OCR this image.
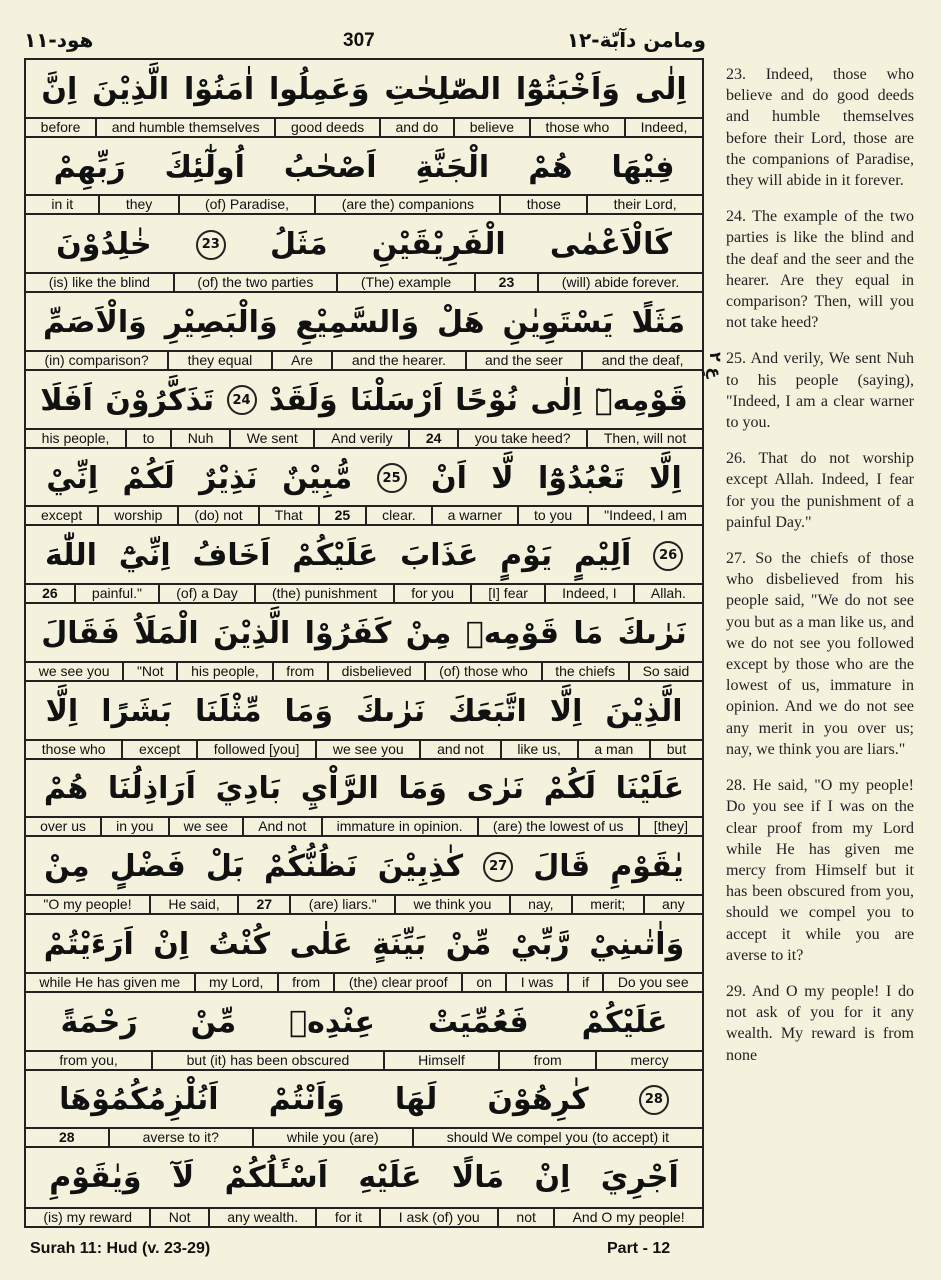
هود-١١	307	ومامن دآبّة-١٢
اِنَّ الَّذِيْنَ اٰمَنُوْا وَعَمِلُوا الصّٰلِحٰتِ وَاَخْبَتُوْٓا اِلٰى
before	and humble themselves	good deeds	and do	believe	those who	Indeed,
رَبِّهِمْ اُولٰٓئِكَ اَصْحٰبُ الْجَنَّةِ هُمْ فِيْهَا
in it	they	(of) Paradise,	(are the) companions	those	their Lord,
خٰلِدُوْنَ	23 مَثَلُ الْفَرِيْقَيْنِ كَالْاَعْمٰى
(is) like the blind	(of) the two parties	(The) example	23	(will) abide forever.
وَالْاَصَمِّ وَالْبَصِيْرِ وَالسَّمِيْعِ هَلْ يَسْتَوِيٰنِ مَثَلًا
(in) comparison?	they equal	Are	and the hearer.	and the seer	and the deaf,
اَفَلَا تَذَكَّرُوْنَ	24 وَلَقَدْ اَرْسَلْنَا نُوْحًا اِلٰى قَوْمِهٖٓ
his people,	to	Nuh	We sent	And verily	24	you take heed?	Then, will not
اِنِّيْ لَكُمْ نَذِيْرٌ مُّبِيْنٌ	25 اَنْ لَّا تَعْبُدُوْٓا اِلَّا
except	worship	(do) not	That	25	clear.	a warner	to you	"Indeed, I am
اللّٰهَ اِنِّيْٓ اَخَافُ عَلَيْكُمْ عَذَابَ يَوْمٍ اَلِيْمٍ	26
26	painful."	(of) a Day	(the) punishment	for you	[I] fear	Indeed, I	Allah.
فَقَالَ الْمَلَاُ الَّذِيْنَ كَفَرُوْا مِنْ قَوْمِهٖ مَا نَرٰىكَ
we see you	"Not	his people,	from	disbelieved	(of) those who	the chiefs	So said
اِلَّا بَشَرًا مِّثْلَنَا وَمَا نَرٰىكَ اتَّبَعَكَ اِلَّا الَّذِيْنَ
those who	except	followed [you]	we see you	and not	like us,	a man	but
هُمْ اَرَاذِلُنَا بَادِيَ الرَّاْيِ وَمَا نَرٰى لَكُمْ عَلَيْنَا
over us	in you	we see	And not	immature in opinion.	(are) the lowest of us	[they]
مِنْ فَضْلٍ بَلْ نَظُنُّكُمْ كٰذِبِيْنَ	27 قَالَ يٰقَوْمِ
"O my people!	He said,	27	(are) liars."	we think you	nay,	merit;	any
اَرَءَيْتُمْ اِنْ كُنْتُ عَلٰى بَيِّنَةٍ مِّنْ رَّبِّيْ وَاٰتٰىنِيْ
while He has given me	my Lord,	from	(the) clear proof	on	I was	if	Do you see
رَحْمَةً مِّنْ عِنْدِهٖ فَعُمِّيَتْ عَلَيْكُمْ
from you,	but (it) has been obscured	Himself	from	mercy
اَنُلْزِمُكُمُوْهَا وَاَنْتُمْ لَهَا كٰرِهُوْنَ	28
28	averse to it?	while you (are)	should We compel you (to accept) it
وَيٰقَوْمِ لَآ اَسْـَٔلُكُمْ عَلَيْهِ مَالًا اِنْ اَجْرِيَ
(is) my reward	Not	any wealth.	for it	I ask (of) you	not	And O my people!
عٍ ٢

23. Indeed, those who believe and do good deeds and humble themselves before their Lord, those are the companions of Paradise, they will abide in it forever.

24. The example of the two parties is like the blind and the deaf and the seer and the hearer. Are they equal in comparison? Then, will you not take heed?

25. And verily, We sent Nuh to his people (saying), "Indeed, I am a clear warner to you.

26. That do not worship except Allah. Indeed, I fear for you the punishment of a painful Day."

27. So the chiefs of those who disbelieved from his people said, "We do not see you but as a man like us, and we do not see you followed except by those who are the lowest of us, immature in opinion. And we do not see any merit in you over us; nay, we think you are liars."

28. He said, "O my people! Do you see if I was on the clear proof from my Lord while He has given me mercy from Himself but it has been obscured from you, should we compel you to accept it while you are averse to it?

29. And O my people! I do not ask of you for it any wealth. My reward is from none

Surah 11: Hud (v. 23-29)	Part - 12
